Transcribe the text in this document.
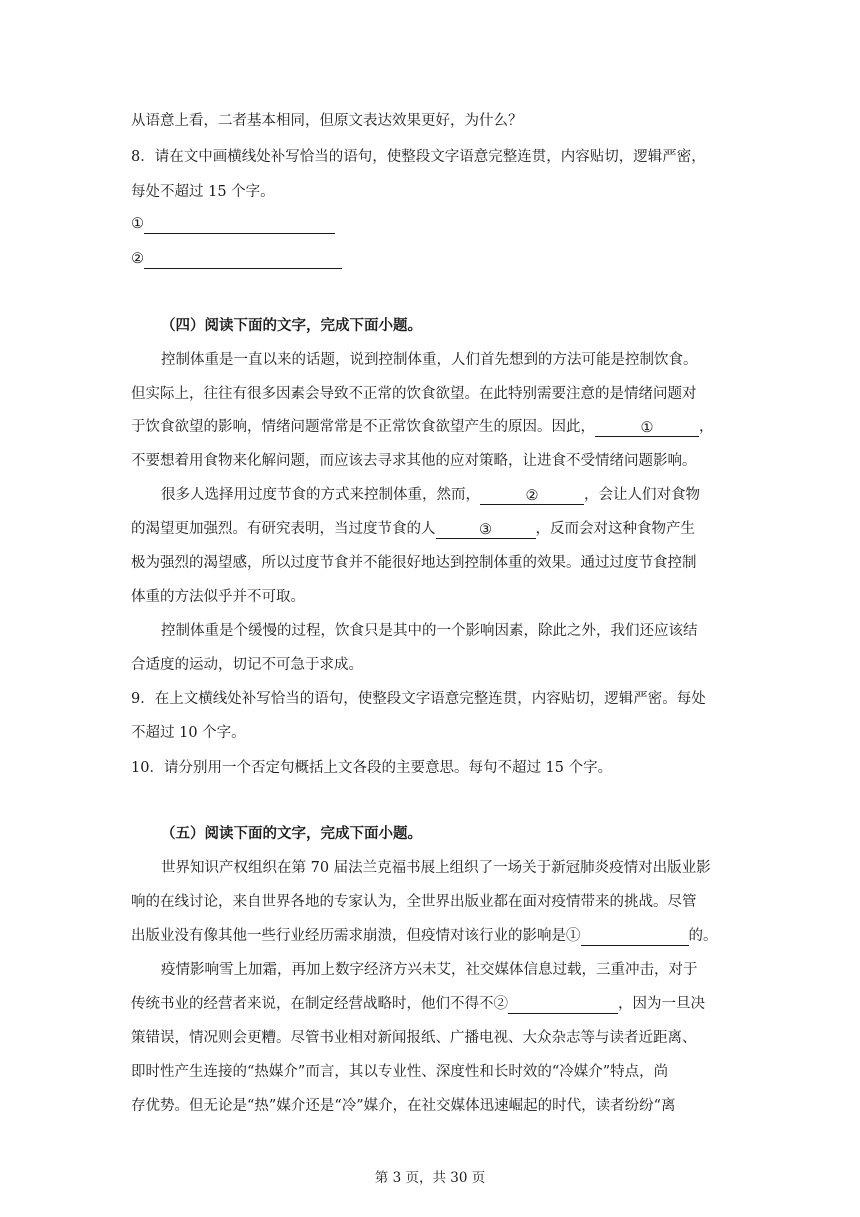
从语意上看，二者基本相同，但原文表达效果更好，为什么？
8．请在文中画横线处补写恰当的语句，使整段文字语意完整连贯，内容贴切，逻辑严密，
每处不超过 15 个字。
①
②
（四）阅读下面的文字，完成下面小题。
控制体重是一直以来的话题，说到控制体重，人们首先想到的方法可能是控制饮食。
但实际上，往往有很多因素会导致不正常的饮食欲望。在此特别需要注意的是情绪问题对
于饮食欲望的影响，情绪问题常常是不正常饮食欲望产生的原因。因此，	①	，
不要想着用食物来化解问题，而应该去寻求其他的应对策略，让进食不受情绪问题影响。
很多人选择用过度节食的方式来控制体重，然而，	②	，会让人们对食物
的渴望更加强烈。有研究表明，当过度节食的人	③	，反而会对这种食物产生
极为强烈的渴望感，所以过度节食并不能很好地达到控制体重的效果。通过过度节食控制
体重的方法似乎并不可取。
控制体重是个缓慢的过程，饮食只是其中的一个影响因素，除此之外，我们还应该结
合适度的运动，切记不可急于求成。
9．在上文横线处补写恰当的语句，使整段文字语意完整连贯，内容贴切，逻辑严密。每处
不超过 10 个字。
10．请分别用一个否定句概括上文各段的主要意思。每句不超过 15 个字。
（五）阅读下面的文字，完成下面小题。
世界知识产权组织在第 70 届法兰克福书展上组织了一场关于新冠肺炎疫情对出版业影
响的在线讨论，来自世界各地的专家认为，全世界出版业都在面对疫情带来的挑战。尽管
出版业没有像其他一些行业经历需求崩溃，但疫情对该行业的影响是①	的。
疫情影响雪上加霜，再加上数字经济方兴未艾，社交媒体信息过载，三重冲击，对于
传统书业的经营者来说，在制定经营战略时，他们不得不②	，因为一旦决
策错误，情况则会更糟。尽管书业相对新闻报纸、广播电视、大众杂志等与读者近距离、
即时性产生连接的“热媒介”而言，其以专业性、深度性和长时效的“冷媒介”特点，尚
存优势。但无论是“热”媒介还是“冷”媒介，在社交媒体迅速崛起的时代，读者纷纷“离
第 3 页，共 30 页
